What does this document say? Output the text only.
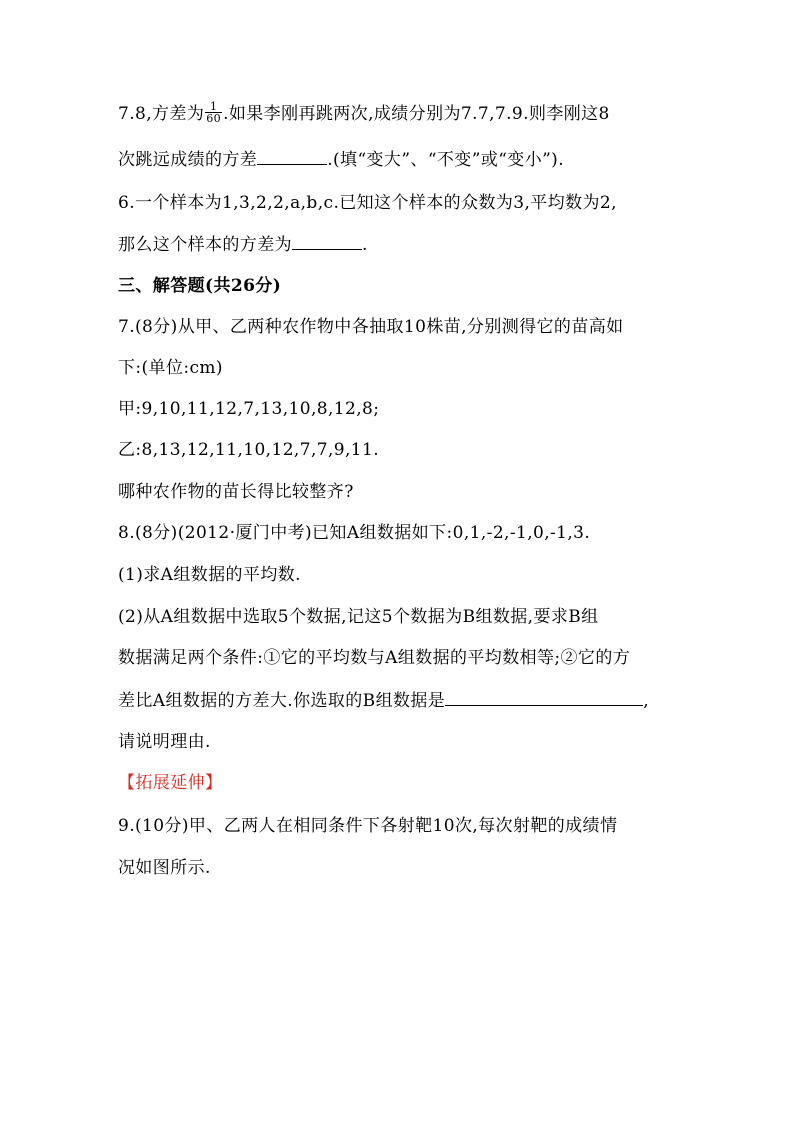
7.8,方差为 $\frac{1}{60}$ .如果李刚再跳两次,成绩分别为7.7,7.9.则李刚这8
次跳远成绩的方差	.(填“变大”、“不变”或“变小”).
6.一个样本为1,3,2,2,a,b,c.已知这个样本的众数为3,平均数为2,
那么这个样本的方差为	.
三、解答题(共26分)
7.(8分)从甲、乙两种农作物中各抽取10株苗,分别测得它的苗高如
下:(单位:cm)
甲:9,10,11,12,7,13,10,8,12,8;
乙:8,13,12,11,10,12,7,7,9,11.
哪种农作物的苗长得比较整齐?
8.(8分)(2012·厦门中考)已知A组数据如下:0,1,-2,-1,0,-1,3.
(1)求A组数据的平均数.
(2)从A组数据中选取5个数据,记这5个数据为B组数据,要求B组
数据满足两个条件:①它的平均数与A组数据的平均数相等;②它的方
差比A组数据的方差大.你选取的B组数据是	,
请说明理由.
【拓展延伸】
9.(10分)甲、乙两人在相同条件下各射靶10次,每次射靶的成绩情
况如图所示.
